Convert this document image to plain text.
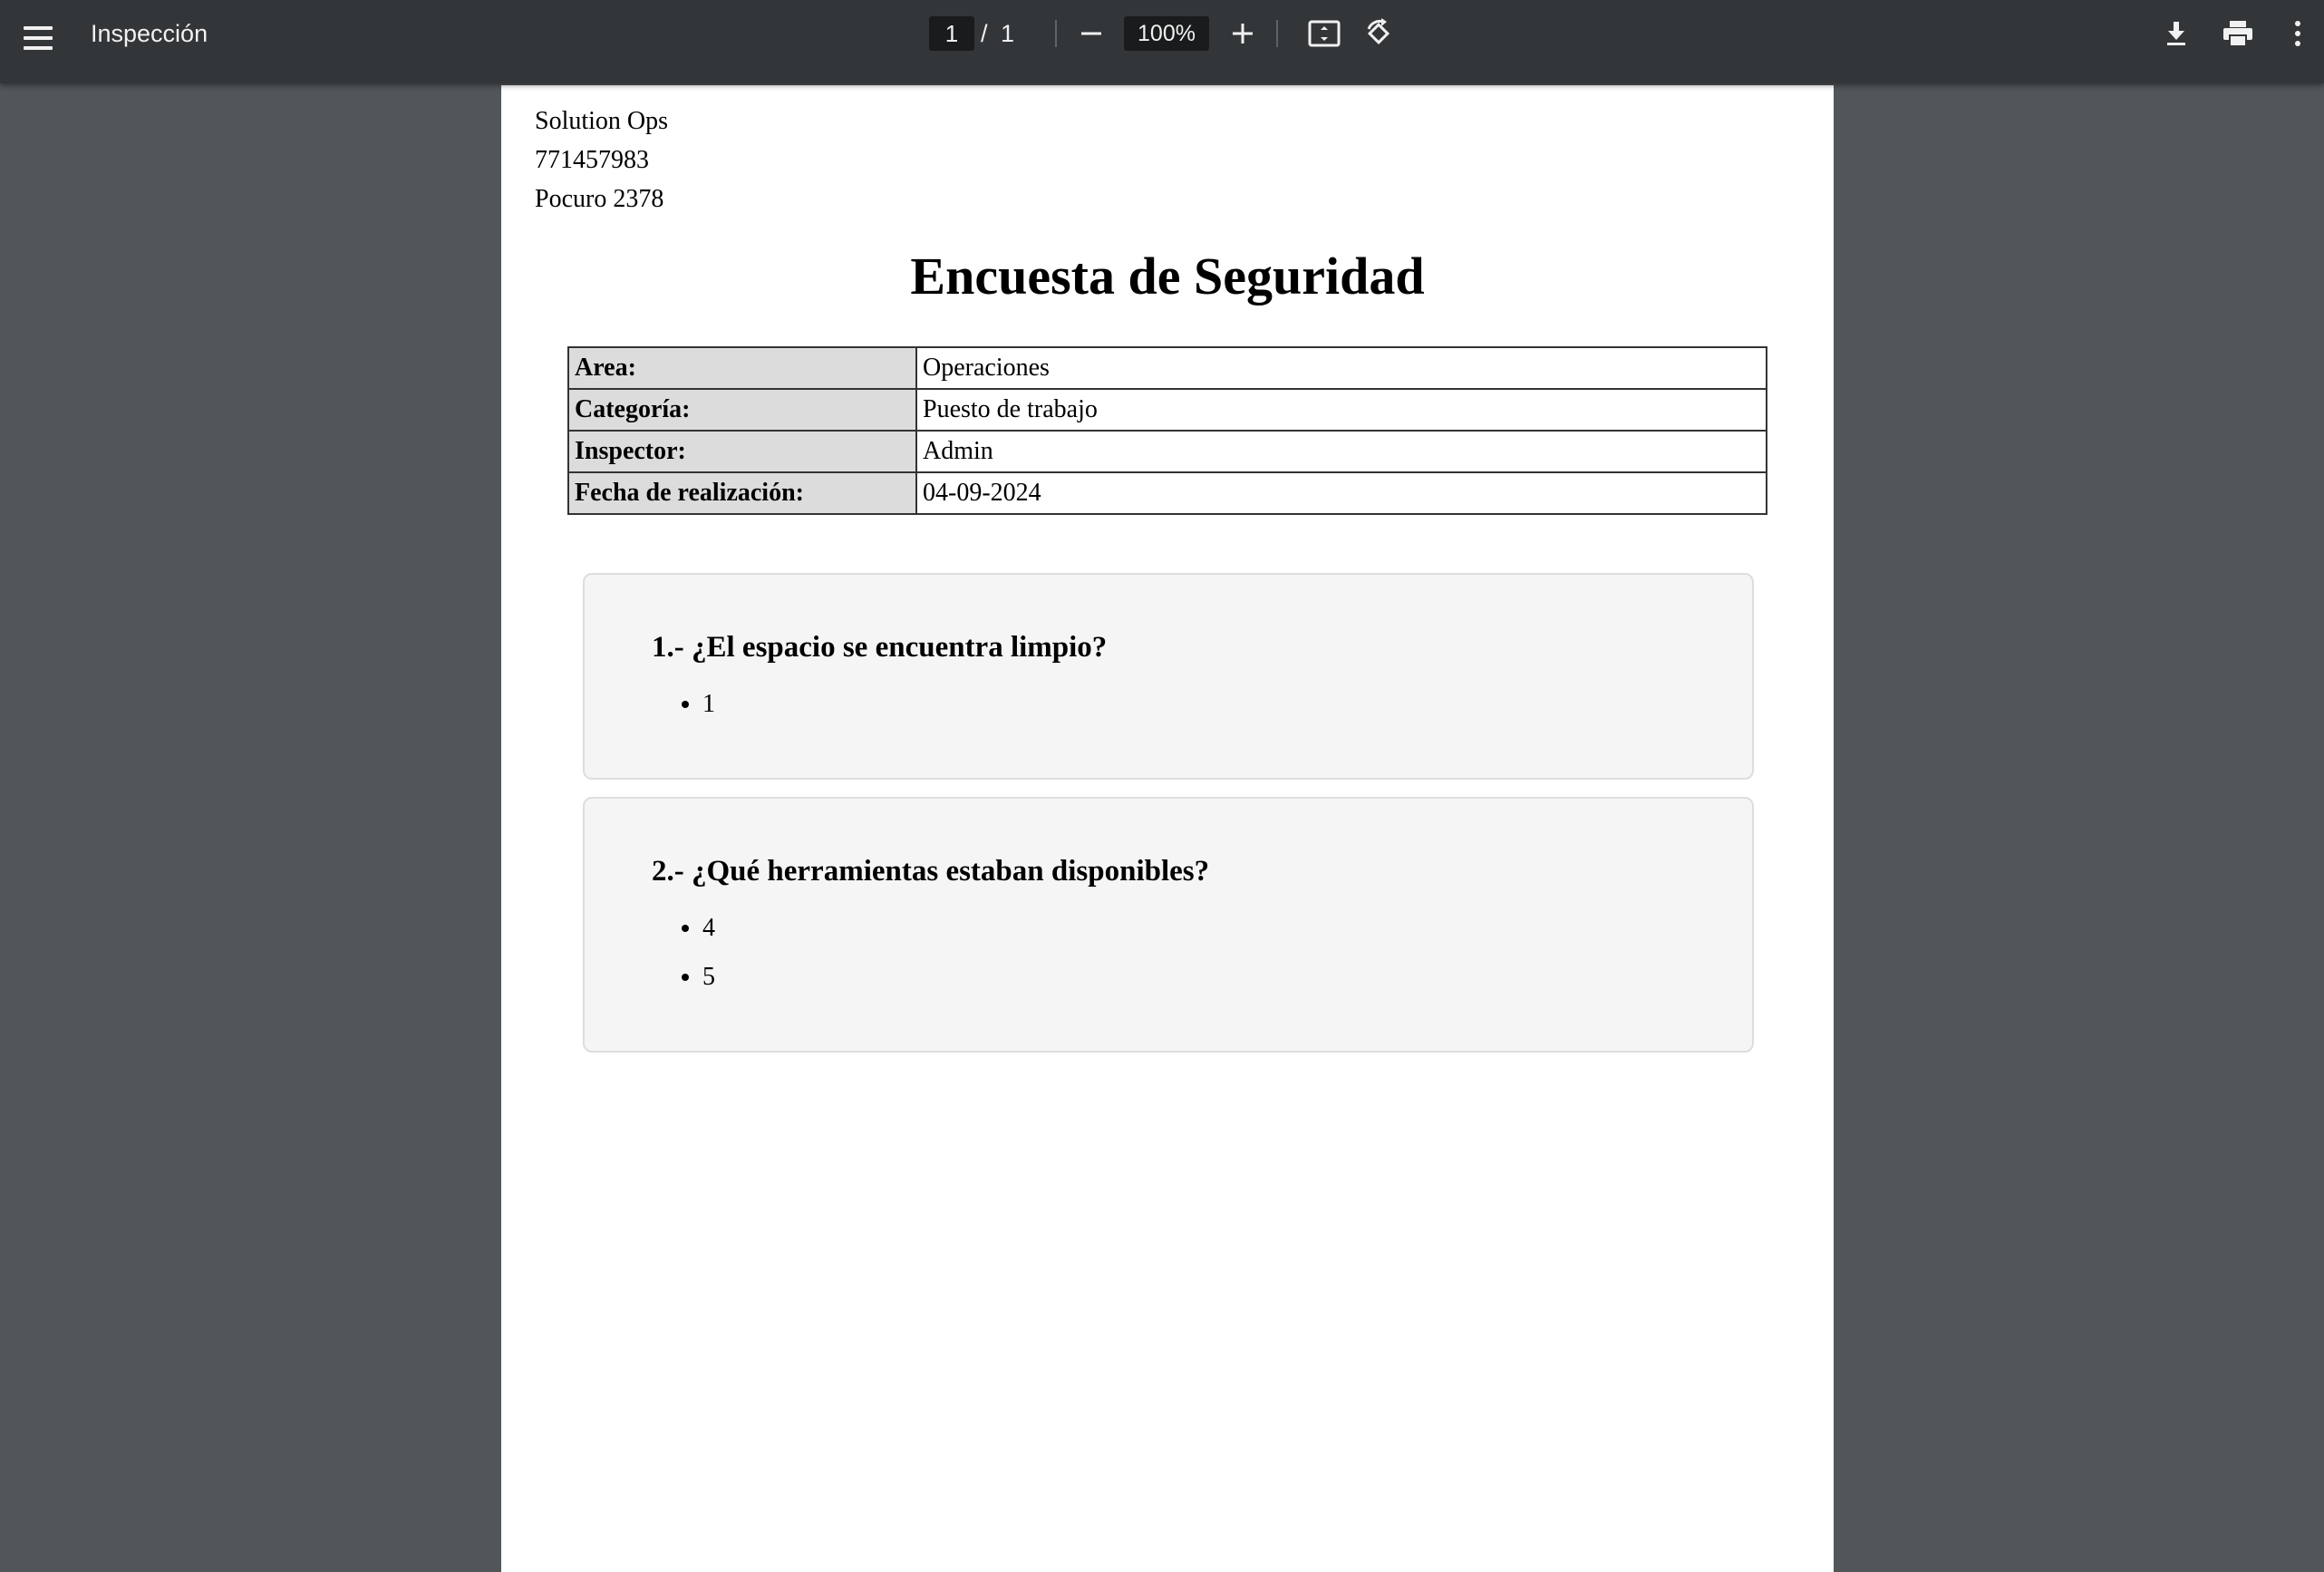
Inspección	1 / 1	100%
Solution Ops
771457983
Pocuro 2378
Encuesta de Seguridad
Area:	Operaciones
Categoría:	Puesto de trabajo
Inspector:	Admin
Fecha de realización:	04-09-2024
1.- ¿El espacio se encuentra limpio?
• 1
2.- ¿Qué herramientas estaban disponibles?
• 4
• 5
